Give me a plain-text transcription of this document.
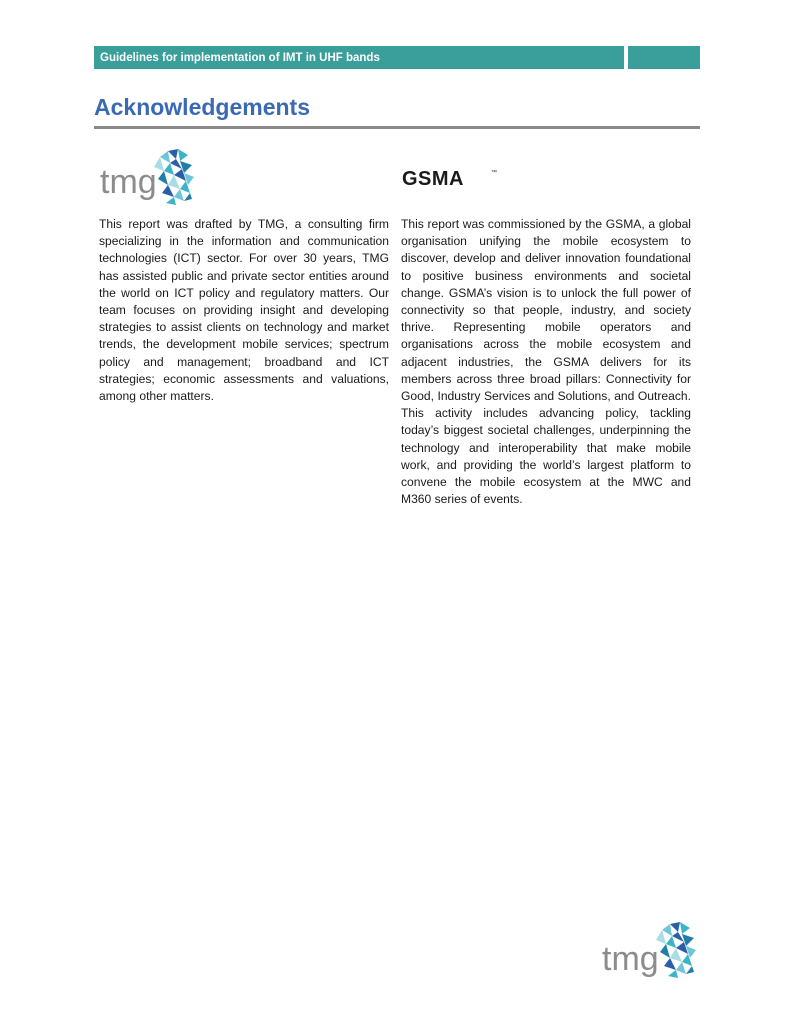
Guidelines for implementation of IMT in UHF bands
Acknowledgements
tmg	GSMA	™

This report was drafted by TMG, a consulting firm specializing in the information and communication technologies (ICT) sector. For over 30 years, TMG has assisted public and private sector entities around the world on ICT policy and regulatory matters. Our team focuses on providing insight and developing strategies to assist clients on technology and market trends, the development mobile services; spectrum policy and management; broadband and ICT strategies; economic assessments and valuations, among other matters.

This report was commissioned by the GSMA, a global organisation unifying the mobile ecosystem to discover, develop and deliver innovation foundational to positive business environments and societal change. GSMA’s vision is to unlock the full power of connectivity so that people, industry, and society thrive. Representing mobile operators and organisations across the mobile ecosystem and adjacent industries, the GSMA delivers for its members across three broad pillars: Connectivity for Good, Industry Services and Solutions, and Outreach. This activity includes advancing policy, tackling today’s biggest societal challenges, underpinning the technology and interoperability that make mobile work, and providing the world’s largest platform to convene the mobile ecosystem at the MWC and M360 series of events.

tmg
